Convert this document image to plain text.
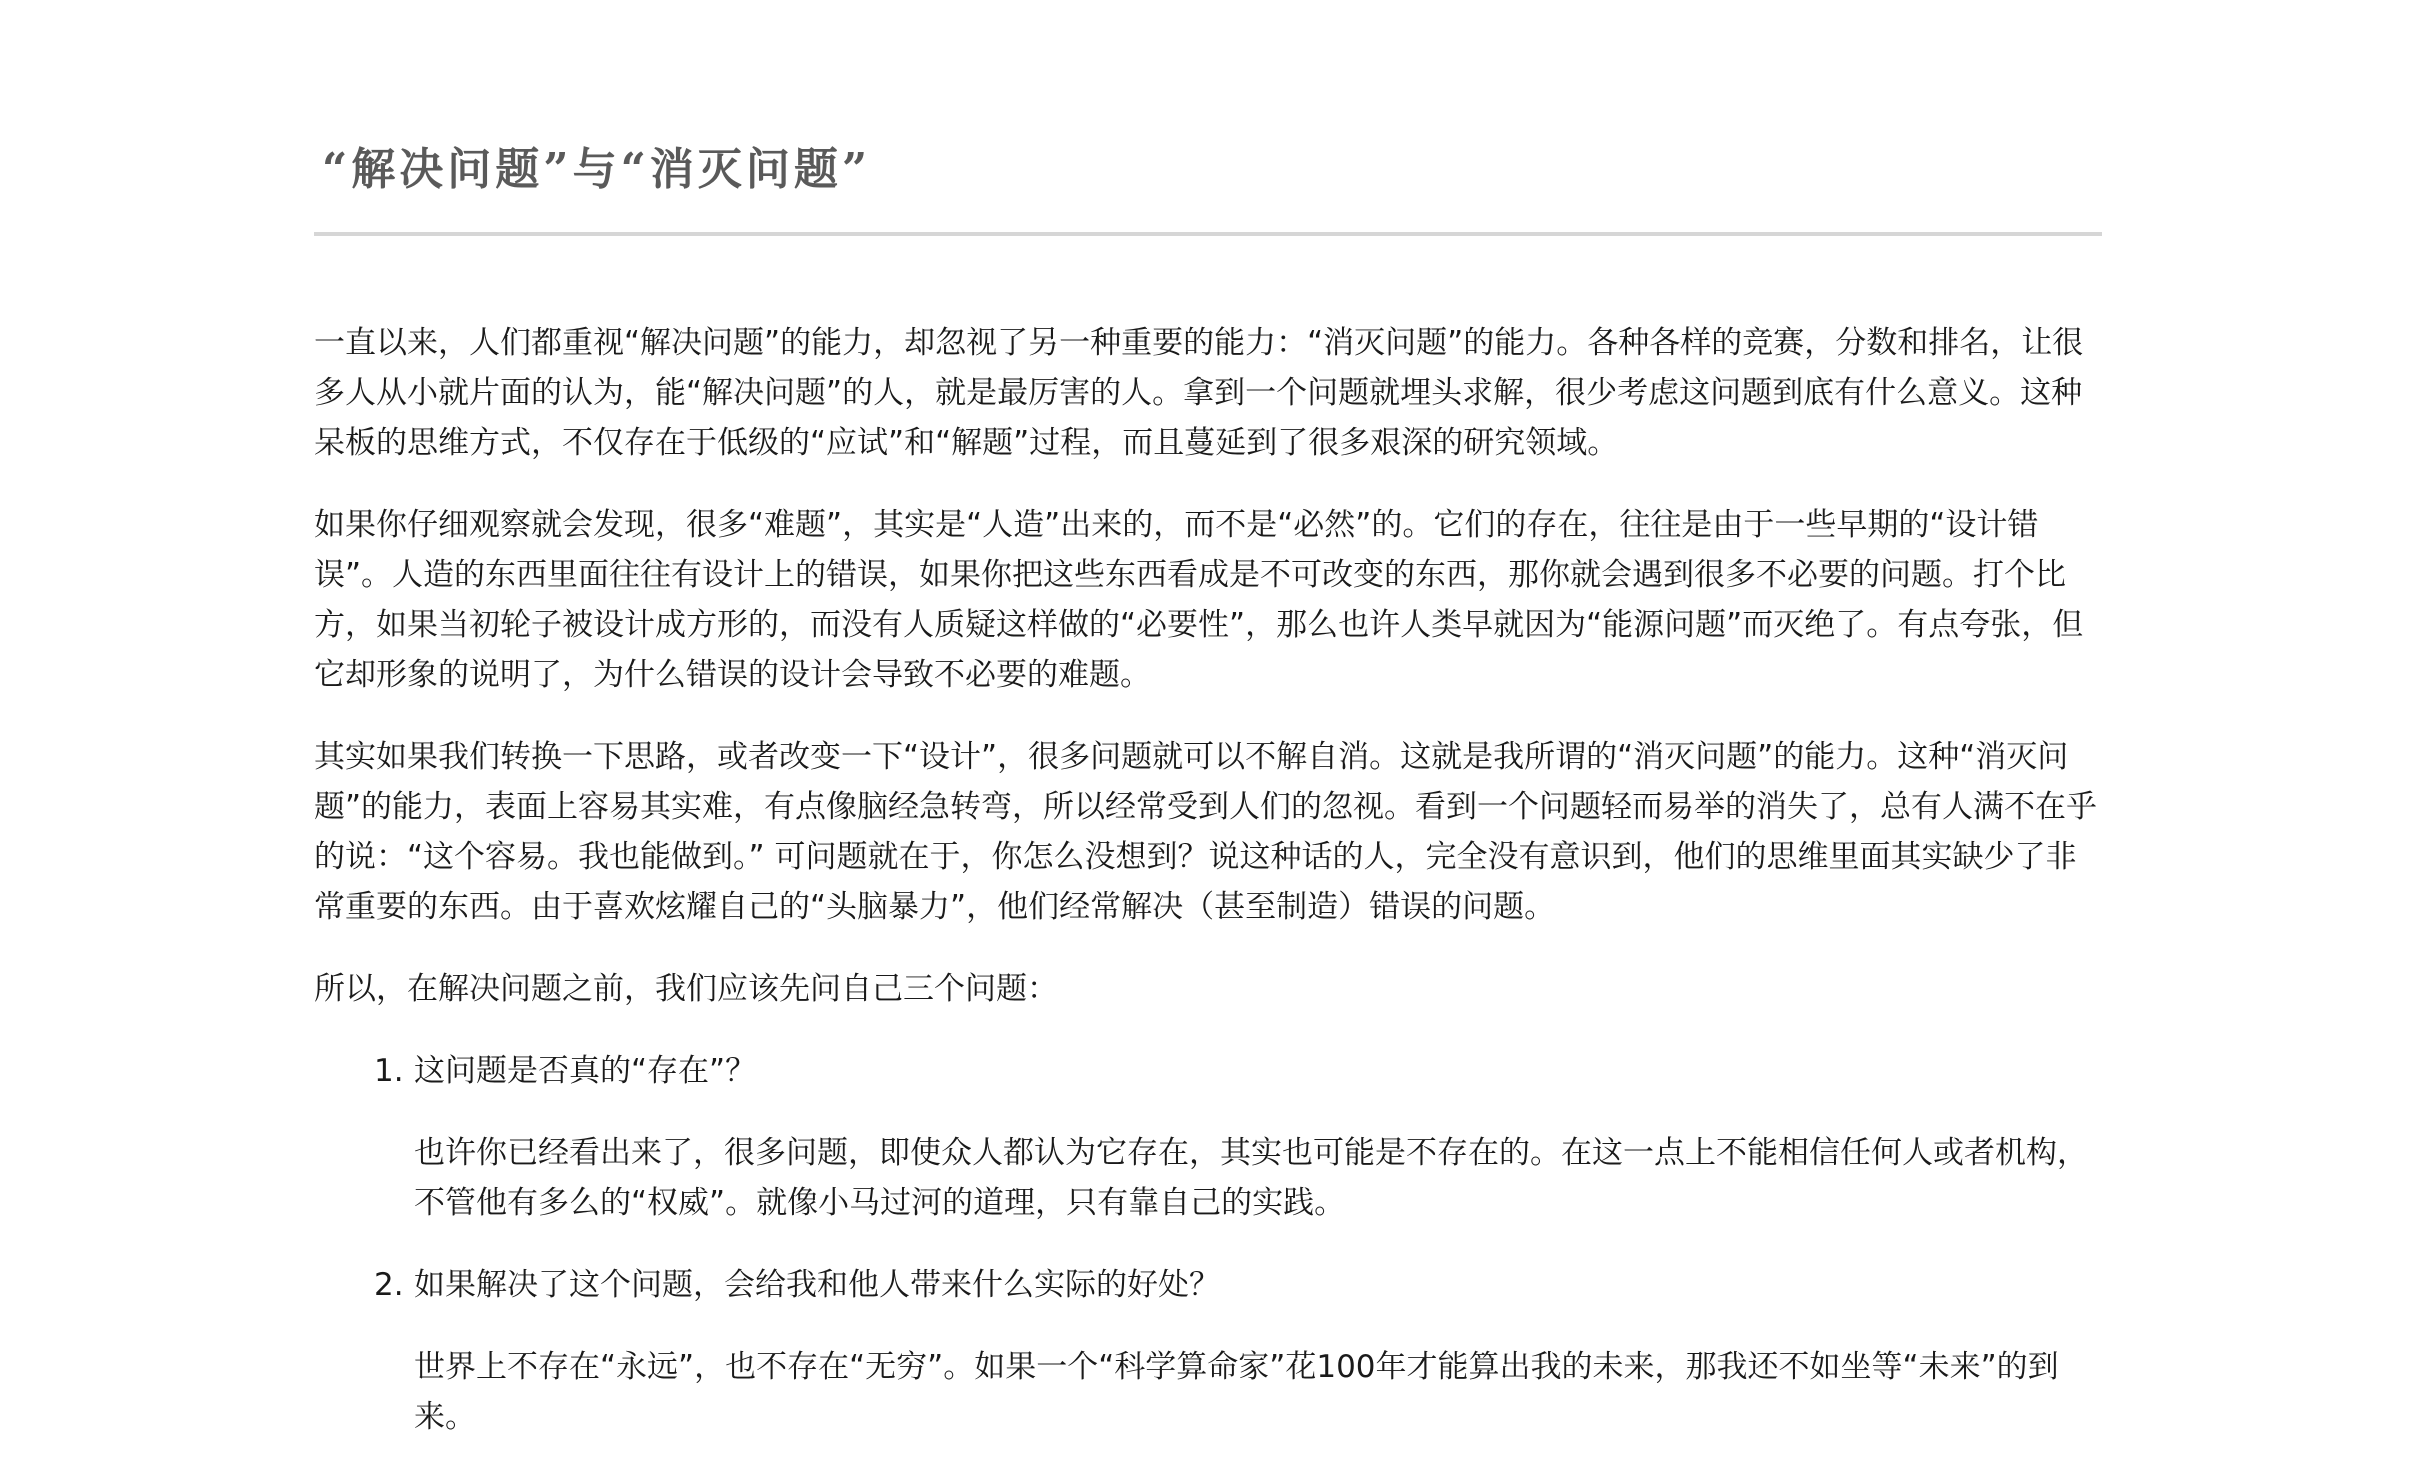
“解决问题”与“消灭问题”

一直以来，人们都重视“解决问题”的能力，却忽视了另一种重要的能力：“消灭问题”的能力。各种各样的竞赛，分数和排名，让很多人从小就片面的认为，能“解决问题”的人，就是最厉害的人。拿到一个问题就埋头求解，很少考虑这问题到底有什么意义。这种呆板的思维方式，不仅存在于低级的“应试”和“解题”过程，而且蔓延到了很多艰深的研究领域。

如果你仔细观察就会发现，很多“难题”，其实是“人造”出来的，而不是“必然”的。它们的存在，往往是由于一些早期的“设计错误”。人造的东西里面往往有设计上的错误，如果你把这些东西看成是不可改变的东西，那你就会遇到很多不必要的问题。打个比方，如果当初轮子被设计成方形的，而没有人质疑这样做的“必要性”，那么也许人类早就因为“能源问题”而灭绝了。有点夸张，但它却形象的说明了，为什么错误的设计会导致不必要的难题。

其实如果我们转换一下思路，或者改变一下“设计”，很多问题就可以不解自消。这就是我所谓的“消灭问题”的能力。这种“消灭问题”的能力，表面上容易其实难，有点像脑经急转弯，所以经常受到人们的忽视。看到一个问题轻而易举的消失了，总有人满不在乎的说：“这个容易。我也能做到。” 可问题就在于，你怎么没想到？说这种话的人，完全没有意识到，他们的思维里面其实缺少了非常重要的东西。由于喜欢炫耀自己的“头脑暴力”，他们经常解决（甚至制造）错误的问题。

所以，在解决问题之前，我们应该先问自己三个问题：

1. 这问题是否真的“存在”？

也许你已经看出来了，很多问题，即使众人都认为它存在，其实也可能是不存在的。在这一点上不能相信任何人或者机构，不管他有多么的“权威”。就像小马过河的道理，只有靠自己的实践。

2. 如果解决了这个问题，会给我和他人带来什么实际的好处？

世界上不存在“永远”，也不存在“无穷”。如果一个“科学算命家”花100年才能算出我的未来，那我还不如坐等“未来”的到来。
